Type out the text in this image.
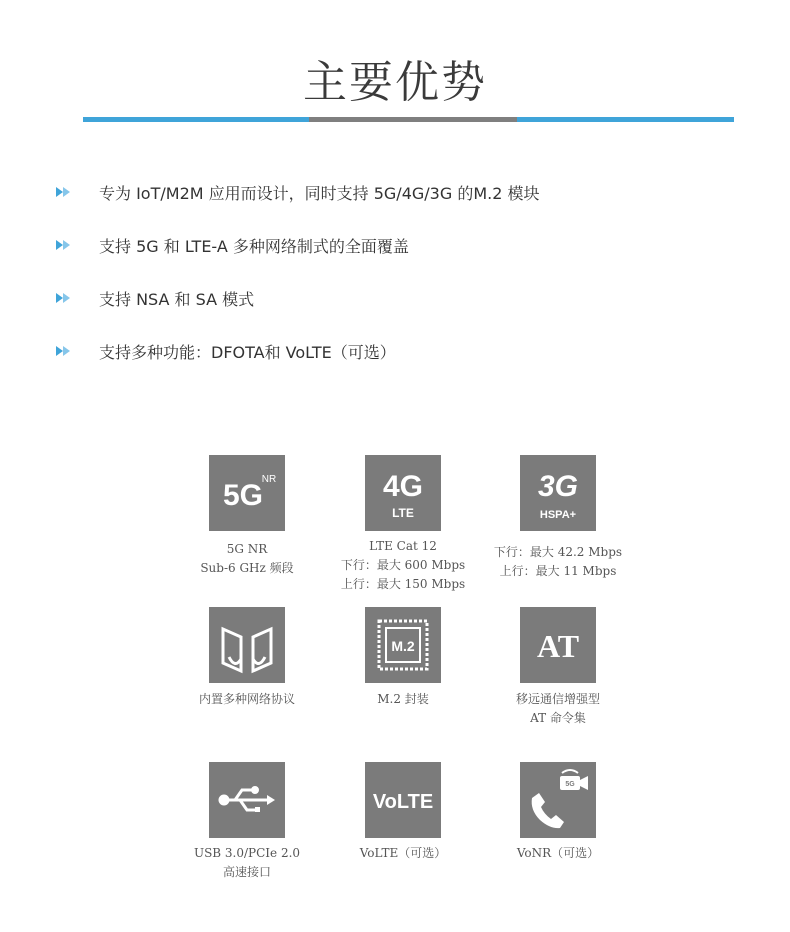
主要优势
专为 IoT/M2M 应用而设计，同时支持 5G/4G/3G 的M.2 模块
支持 5G 和 LTE-A 多种网络制式的全面覆盖
支持 NSA 和 SA 模式
支持多种功能：DFOTA和 VoLTE（可选）
5G
NR
5G NR
Sub-6 GHz 频段
4G
LTE
LTE Cat 12
下行：最大 600 Mbps
上行：最大 150 Mbps
3G
HSPA+
下行：最大 42.2 Mbps
上行：最大 11 Mbps
内置多种网络协议
M.2
M.2 封装
AT
移远通信增强型
AT 命令集
USB 3.0/PCIe 2.0
高速接口
VoLTE
VoLTE（可选）
5G
VoNR（可选）
